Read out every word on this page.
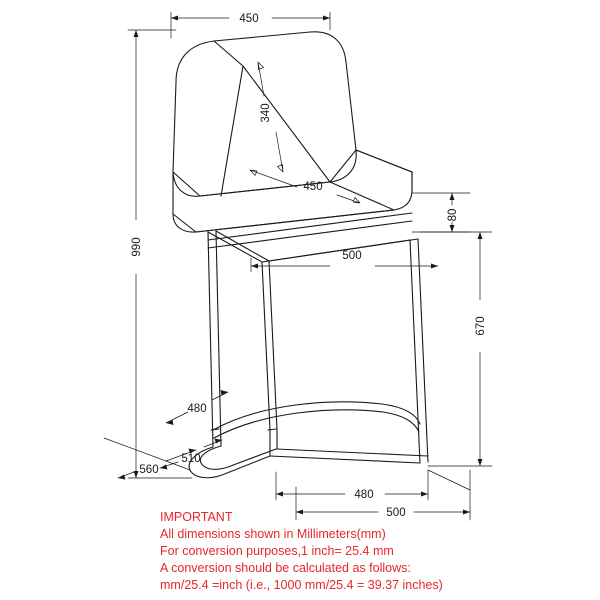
450
340
450
990
80
500
670
480
560
510
480
500
IMPORTANT
All dimensions shown in Millimeters(mm)
For conversion purposes,1 inch= 25.4 mm
A conversion should be calculated as follows:
mm/25.4 =inch (i.e., 1000 mm/25.4 = 39.37 inches)
